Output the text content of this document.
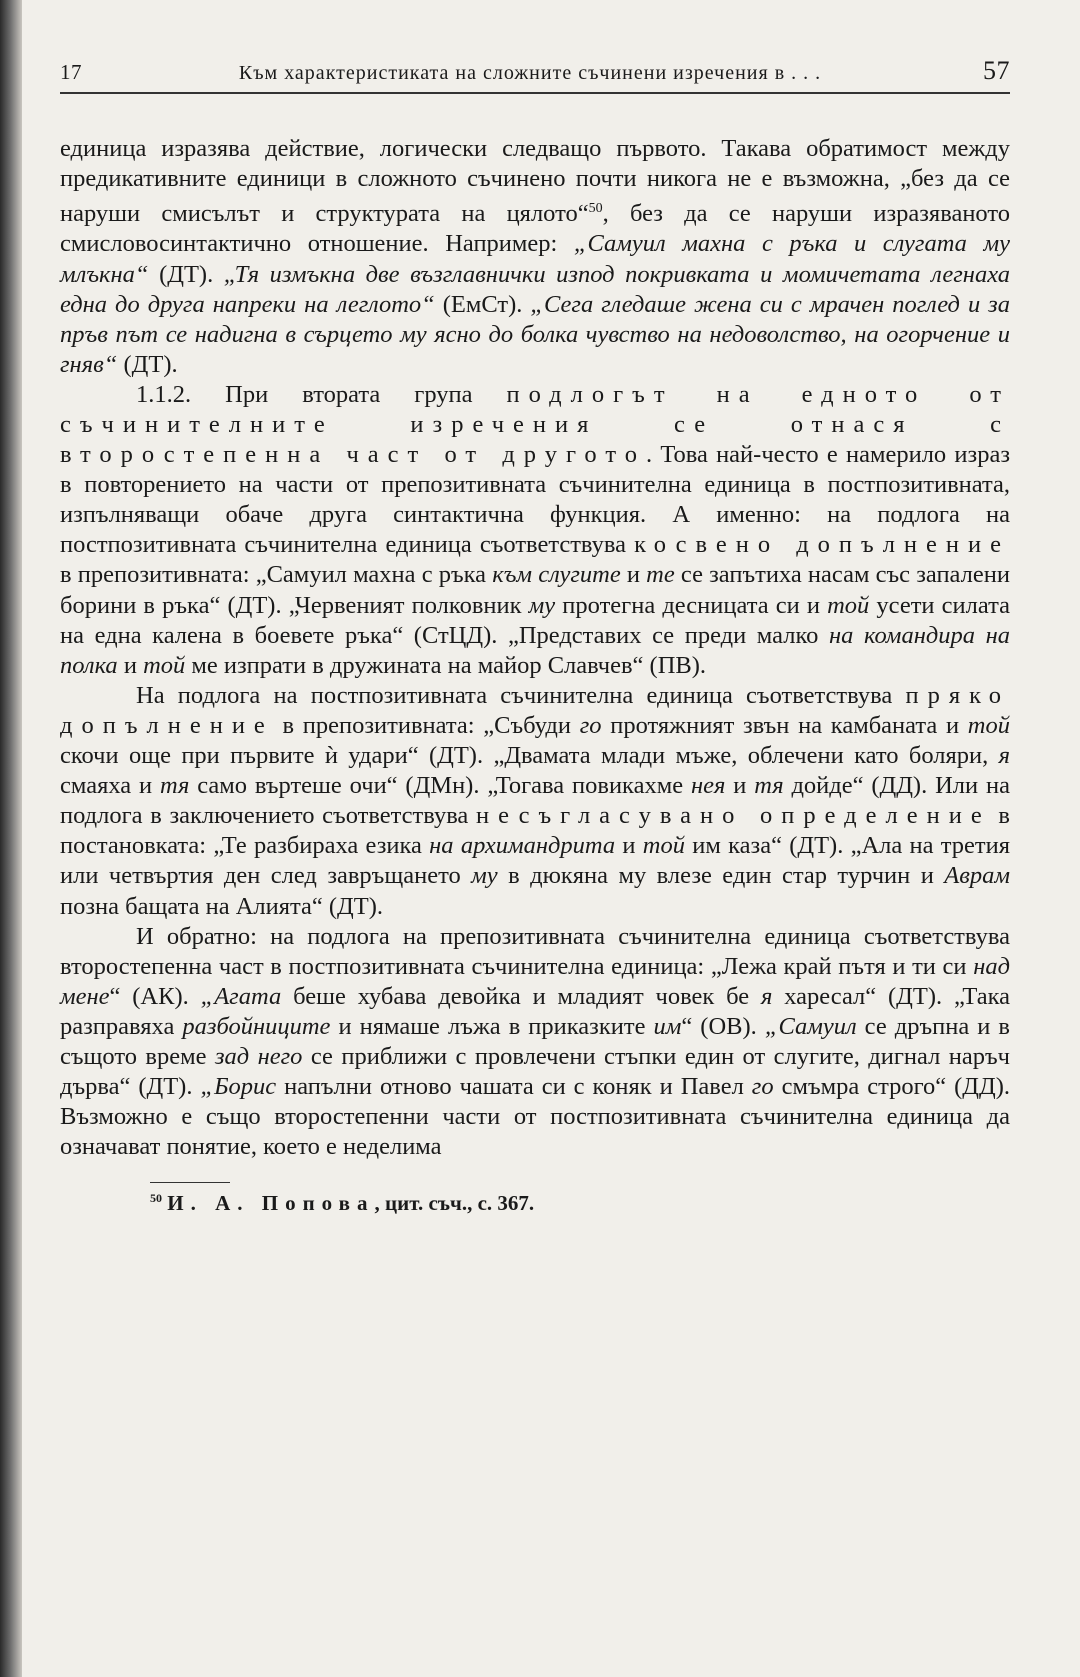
17	Към характеристиката на сложните съчинени изречения в . . .	57

единица изразява действие, логически следващо първото. Такава обратимост между предикативните единици в сложното съчинено почти никога не е възможна, „без да се наруши смисълът и структурата на цялото“$^{50}$, без да се наруши изразяваното смисловосинтактично отношение. Например: „Самуил махна с ръка и слугата му млъкна“ (ДТ). „Тя измъкна две възглавнички изпод покривката и момичетата легнаха една до друга напреки на леглото“ (ЕмСт). „Сега гледаше жена си с мрачен поглед и за пръв път се надигна в сърцето му ясно до болка чувство на недоволство, на огорчение и гняв“ (ДТ).

1.1.2. При втората група подлогът на едното от съчинителните изречения се отнася с второстепенна част от другото. Това най-често е намерило израз в повторението на части от препозитивната съчинителна единица в постпозитивната, изпълняващи обаче друга синтактична функция. А именно: на подлога на постпозитивната съчинителна единица съответствува косвено допълнение в препозитивната: „Самуил махна с ръка към слугите и те се запътиха насам със запалени борини в ръка“ (ДТ). „Червеният полковник му протегна десницата си и той усети силата на една калена в боевете ръка“ (СтЦД). „Представих се преди малко на командира на полка и той ме изпрати в дружината на майор Славчев“ (ПВ).

На подлога на постпозитивната съчинителна единица съответствува пряко допълнение в препозитивната: „Събуди го протяжният звън на камбаната и той скочи още при първите ѝ удари“ (ДТ). „Двамата млади мъже, облечени като боляри, я смаяха и тя само въртеше очи“ (ДМн). „Тогава повикахме нея и тя дойде“ (ДД). Или на подлога в заключението съответствува несъгласувано определение в постановката: „Те разбираха езика на архимандрита и той им каза“ (ДТ). „Ала на третия или четвъртия ден след завръщането му в дюкяна му влезе един стар турчин и Аврам позна бащата на Алията“ (ДТ).

И обратно: на подлога на препозитивната съчинителна единица съответствува второстепенна част в постпозитивната съчинителна единица: „Лежа край пътя и ти си над мене“ (АК). „Агата беше хубава девойка и младият човек бе я харесал“ (ДТ). „Така разправяха разбойниците и нямаше лъжа в приказките им“ (ОВ). „Самуил се дръпна и в същото време зад него се приближи с провлечени стъпки един от слугите, дигнал наръч дърва“ (ДТ). „Борис напълни отново чашата си с коняк и Павел го смъмра строго“ (ДД). Възможно е също второстепенни части от постпозитивната съчинителна единица да означават понятие, което е неделима

$^{50}$ И. А. Попова, цит. съч., с. 367.
